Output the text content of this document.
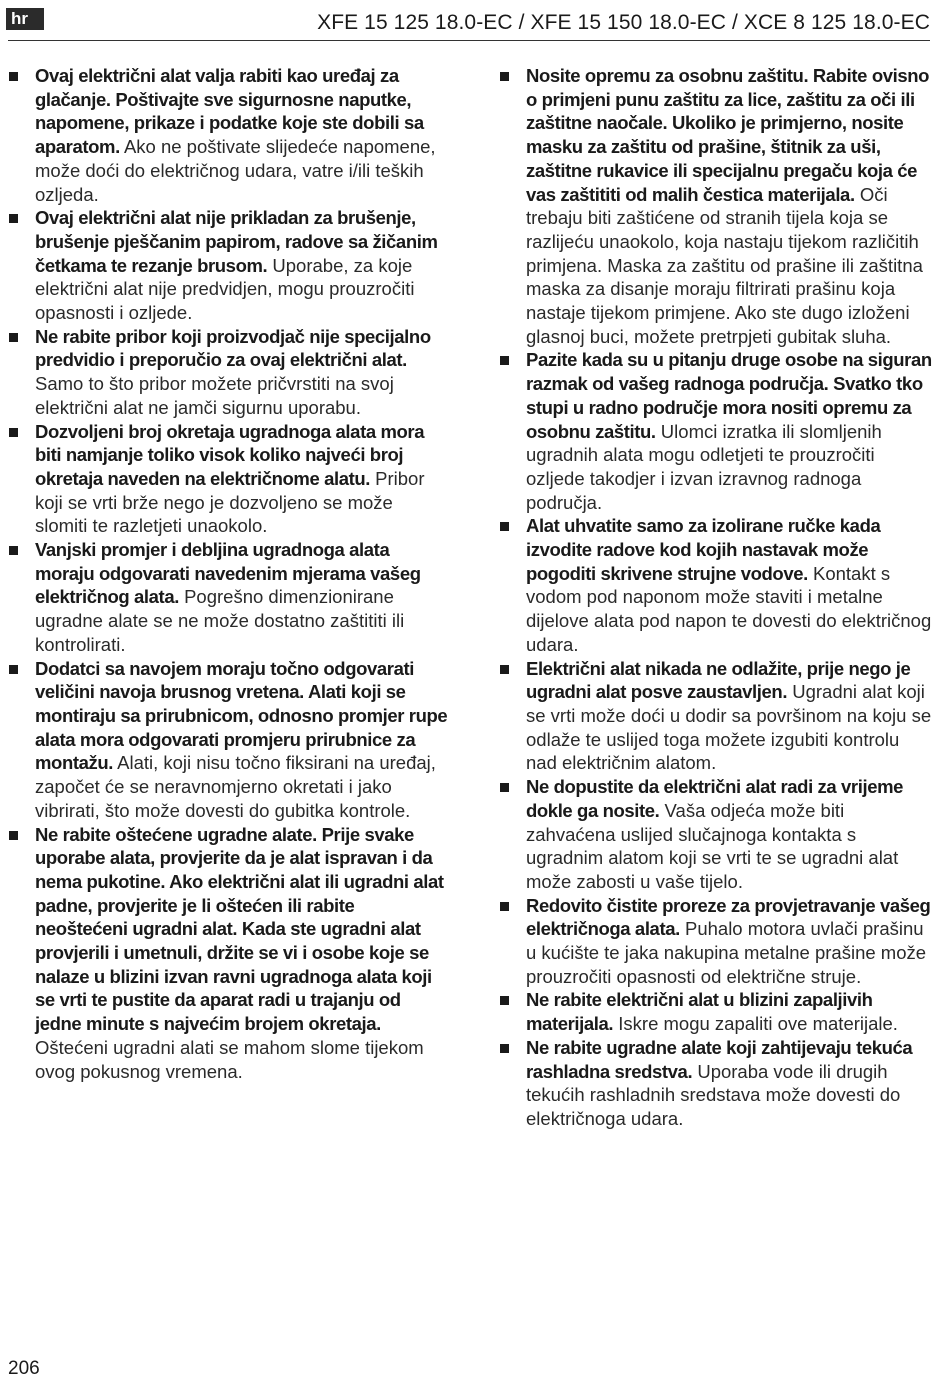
hr	XFE 15 125 18.0-EC / XFE 15 150 18.0-EC / XCE 8 125 18.0-EC
Ovaj električni alat valja rabiti kao uređaj za glačanje. Poštivajte sve sigurnosne naputke, napomene, prikaze i podatke koje ste dobili sa aparatom. Ako ne poštivate slijedeće napomene, može doći do električnog udara, vatre i/ili teških ozljeda.
Ovaj električni alat nije prikladan za brušenje, brušenje pješčanim papirom, radove sa žičanim četkama te rezanje brusom. Uporabe, za koje električni alat nije predvidjen, mogu prouzročiti opasnosti i ozljede.
Ne rabite pribor koji proizvodjač nije specijalno predvidio i preporučio za ovaj električni alat. Samo to što pribor možete pričvrstiti na svoj električni alat ne jamči sigurnu uporabu.
Dozvoljeni broj okretaja ugradnoga alata mora biti namjanje toliko visok koliko najveći broj okretaja naveden na električnome alatu. Pribor koji se vrti brže nego je dozvoljeno se može slomiti te razletjeti unaokolo.
Vanjski promjer i debljina ugradnoga alata moraju odgovarati navedenim mjerama vašeg električnog alata. Pogrešno dimenzionirane ugradne alate se ne može dostatno zaštititi ili kontrolirati.
Dodatci sa navojem moraju točno odgovarati veličini navoja brusnog vretena. Alati koji se montiraju sa prirubnicom, odnosno promjer rupe alata mora odgovarati promjeru prirubnice za montažu. Alati, koji nisu točno fiksirani na uređaj, započet će se neravnomjerno okretati i jako vibrirati, što može dovesti do gubitka kontrole.
Ne rabite oštećene ugradne alate. Prije svake uporabe alata, provjerite da je alat ispravan i da nema pukotine. Ako električni alat ili ugradni alat padne, provjerite je li oštećen ili rabite neoštećeni ugradni alat. Kada ste ugradni alat provjerili i umetnuli, držite se vi i osobe koje se nalaze u blizini izvan ravni ugradnoga alata koji se vrti te pustite da aparat radi u trajanju od jedne minute s najvećim brojem okretaja. Oštećeni ugradni alati se mahom slome tijekom ovog pokusnog vremena.
Nosite opremu za osobnu zaštitu. Rabite ovisno o primjeni punu zaštitu za lice, zaštitu za oči ili zaštitne naočale. Ukoliko je primjerno, nosite masku za zaštitu od prašine, štitnik za uši, zaštitne rukavice ili specijalnu pregaču koja će vas zaštititi od malih čestica materijala. Oči trebaju biti zaštićene od stranih tijela koja se razlijeću unaokolo, koja nastaju tijekom različitih primjena. Maska za zaštitu od prašine ili zaštitna maska za disanje moraju filtrirati prašinu koja nastaje tijekom primjene. Ako ste dugo izloženi glasnoj buci, možete pretrpjeti gubitak sluha.
Pazite kada su u pitanju druge osobe na siguran razmak od vašeg radnoga područja. Svatko tko stupi u radno područje mora nositi opremu za osobnu zaštitu. Ulomci izratka ili slomljenih ugradnih alata mogu odletjeti te prouzročiti ozljede takodjer i izvan izravnog radnoga područja.
Alat uhvatite samo za izolirane ručke kada izvodite radove kod kojih nastavak može pogoditi skrivene strujne vodove. Kontakt s vodom pod naponom može staviti i metalne dijelove alata pod napon te dovesti do električnog udara.
Električni alat nikada ne odlažite, prije nego je ugradni alat posve zaustavljen. Ugradni alat koji se vrti može doći u dodir sa površinom na koju se odlaže te uslijed toga možete izgubiti kontrolu nad električnim alatom.
Ne dopustite da električni alat radi za vrijeme dokle ga nosite. Vaša odjeća može biti zahvaćena uslijed slučajnoga kontakta s ugradnim alatom koji se vrti te se ugradni alat može zabosti u vaše tijelo.
Redovito čistite proreze za provjetravanje vašeg električnoga alata. Puhalo motora uvlači prašinu u kućište te jaka nakupina metalne prašine može prouzročiti opasnosti od električne struje.
Ne rabite električni alat u blizini zapaljivih materijala. Iskre mogu zapaliti ove materijale.
Ne rabite ugradne alate koji zahtijevaju tekuća rashladna sredstva. Uporaba vode ili drugih tekućih rashladnih sredstava može dovesti do električnoga udara.
206
